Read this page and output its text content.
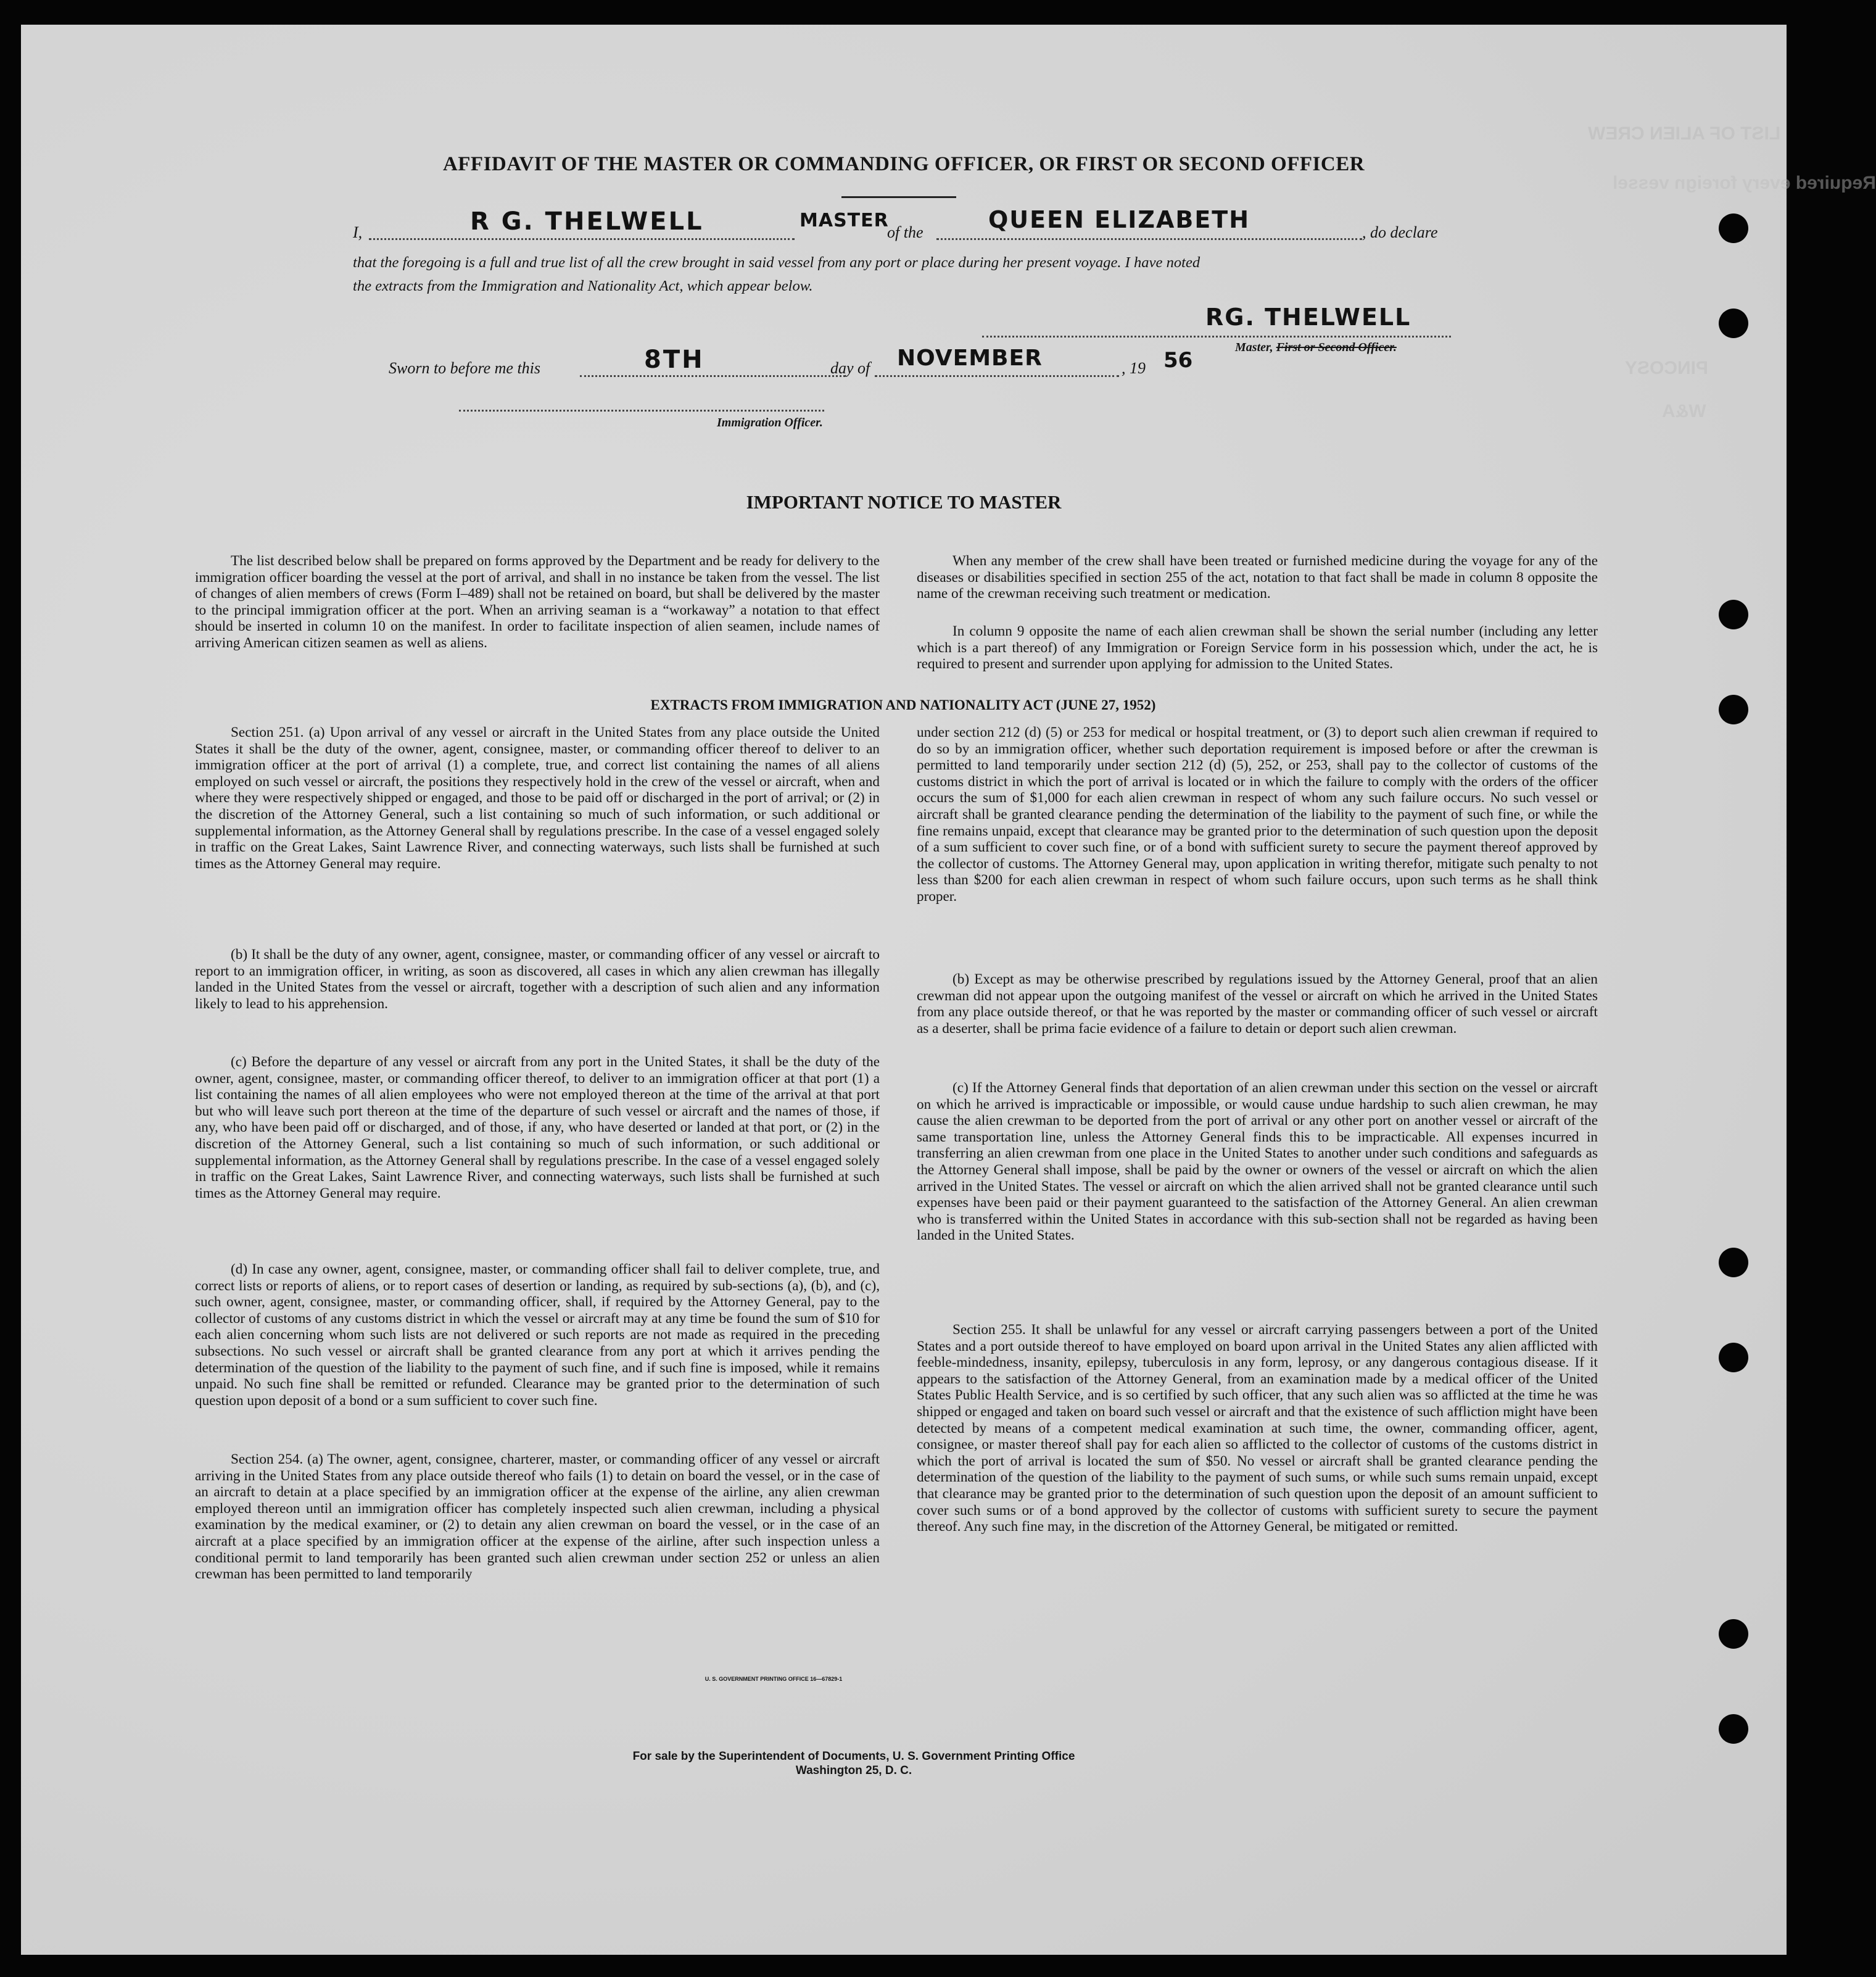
LIST OF ALIEN CREW
Required every foreign vessel
PINCOSY
W&A
AFFIDAVIT OF THE MASTER OR COMMANDING OFFICER, OR FIRST OR SECOND OFFICER
I,	R G. THELWELL	MASTER
of the	QUEEN ELIZABETH	, do declare
that the foregoing is a full and true list of all the crew brought in said vessel from any port or place during her present voyage. I have noted
the extracts from the Immigration and Nationality Act, which appear below.
RG. THELWELL
Master, First or Second Officer.
Sworn to before me this	8TH	day of NOVEMBER	, 19 56
Immigration Officer.
IMPORTANT NOTICE TO MASTER

The list described below shall be prepared on forms approved by the Department and be ready for delivery to the immigration officer boarding the vessel at the port of arrival, and shall in no instance be taken from the vessel. The list of changes of alien members of crews (Form I–489) shall not be retained on board, but shall be delivered by the master to the principal immigration officer at the port. When an arriving seaman is a “workaway” a notation to that effect should be inserted in column 10 on the manifest. In order to facilitate inspection of alien seamen, include names of arriving American citizen seamen as well as aliens.

When any member of the crew shall have been treated or furnished medicine during the voyage for any of the diseases or disabilities specified in section 255 of the act, notation to that fact shall be made in column 8 opposite the name of the crewman receiving such treatment or medication.

In column 9 opposite the name of each alien crewman shall be shown the serial number (including any letter which is a part thereof) of any Immigration or Foreign Service form in his possession which, under the act, he is required to present and surrender upon applying for admission to the United States.

EXTRACTS FROM IMMIGRATION AND NATIONALITY ACT (JUNE 27, 1952)

Section 251. (a) Upon arrival of any vessel or aircraft in the United States from any place outside the United States it shall be the duty of the owner, agent, consignee, master, or commanding officer thereof to deliver to an immigration officer at the port of arrival (1) a complete, true, and correct list containing the names of all aliens employed on such vessel or aircraft, the positions they respectively hold in the crew of the vessel or aircraft, when and where they were respectively shipped or engaged, and those to be paid off or discharged in the port of arrival; or (2) in the discretion of the Attorney General, such a list containing so much of such information, or such additional or supplemental information, as the Attorney General shall by regulations prescribe. In the case of a vessel engaged solely in traffic on the Great Lakes, Saint Lawrence River, and connecting waterways, such lists shall be furnished at such times as the Attorney General may require.

(b) It shall be the duty of any owner, agent, consignee, master, or commanding officer of any vessel or aircraft to report to an immigration officer, in writing, as soon as discovered, all cases in which any alien crewman has illegally landed in the United States from the vessel or aircraft, together with a description of such alien and any information likely to lead to his apprehension.

(c) Before the departure of any vessel or aircraft from any port in the United States, it shall be the duty of the owner, agent, consignee, master, or commanding officer thereof, to deliver to an immigration officer at that port (1) a list containing the names of all alien employees who were not employed thereon at the time of the arrival at that port but who will leave such port thereon at the time of the departure of such vessel or aircraft and the names of those, if any, who have been paid off or discharged, and of those, if any, who have deserted or landed at that port, or (2) in the discretion of the Attorney General, such a list containing so much of such information, or such additional or supplemental information, as the Attorney General shall by regulations prescribe. In the case of a vessel engaged solely in traffic on the Great Lakes, Saint Lawrence River, and connecting waterways, such lists shall be furnished at such times as the Attorney General may require.

(d) In case any owner, agent, consignee, master, or commanding officer shall fail to deliver complete, true, and correct lists or reports of aliens, or to report cases of desertion or landing, as required by sub-sections (a), (b), and (c), such owner, agent, consignee, master, or commanding officer, shall, if required by the Attorney General, pay to the collector of customs of any customs district in which the vessel or aircraft may at any time be found the sum of $10 for each alien concerning whom such lists are not delivered or such reports are not made as required in the preceding subsections. No such vessel or aircraft shall be granted clearance from any port at which it arrives pending the determination of the question of the liability to the payment of such fine, and if such fine is imposed, while it remains unpaid. No such fine shall be remitted or refunded. Clearance may be granted prior to the determination of such question upon deposit of a bond or a sum sufficient to cover such fine.

Section 254. (a) The owner, agent, consignee, charterer, master, or commanding officer of any vessel or aircraft arriving in the United States from any place outside thereof who fails (1) to detain on board the vessel, or in the case of an aircraft to detain at a place specified by an immigration officer at the expense of the airline, any alien crewman employed thereon until an immigration officer has completely inspected such alien crewman, including a physical examination by the medical examiner, or (2) to detain any alien crewman on board the vessel, or in the case of an aircraft at a place specified by an immigration officer at the expense of the airline, after such inspection unless a conditional permit to land temporarily has been granted such alien crewman under section 252 or unless an alien crewman has been permitted to land temporarily

under section 212 (d) (5) or 253 for medical or hospital treatment, or (3) to deport such alien crewman if required to do so by an immigration officer, whether such deportation requirement is imposed before or after the crewman is permitted to land temporarily under section 212 (d) (5), 252, or 253, shall pay to the collector of customs of the customs district in which the port of arrival is located or in which the failure to comply with the orders of the officer occurs the sum of $1,000 for each alien crewman in respect of whom any such failure occurs. No such vessel or aircraft shall be granted clearance pending the determination of the liability to the payment of such fine, or while the fine remains unpaid, except that clearance may be granted prior to the determination of such question upon the deposit of a sum sufficient to cover such fine, or of a bond with sufficient surety to secure the payment thereof approved by the collector of customs. The Attorney General may, upon application in writing therefor, mitigate such penalty to not less than $200 for each alien crewman in respect of whom such failure occurs, upon such terms as he shall think proper.

(b) Except as may be otherwise prescribed by regulations issued by the Attorney General, proof that an alien crewman did not appear upon the outgoing manifest of the vessel or aircraft on which he arrived in the United States from any place outside thereof, or that he was reported by the master or commanding officer of such vessel or aircraft as a deserter, shall be prima facie evidence of a failure to detain or deport such alien crewman.

(c) If the Attorney General finds that deportation of an alien crewman under this section on the vessel or aircraft on which he arrived is impracticable or impossible, or would cause undue hardship to such alien crewman, he may cause the alien crewman to be deported from the port of arrival or any other port on another vessel or aircraft of the same transportation line, unless the Attorney General finds this to be impracticable. All expenses incurred in transferring an alien crewman from one place in the United States to another under such conditions and safeguards as the Attorney General shall impose, shall be paid by the owner or owners of the vessel or aircraft on which the alien arrived in the United States. The vessel or aircraft on which the alien arrived shall not be granted clearance until such expenses have been paid or their payment guaranteed to the satisfaction of the Attorney General. An alien crewman who is transferred within the United States in accordance with this sub-section shall not be regarded as having been landed in the United States.

Section 255. It shall be unlawful for any vessel or aircraft carrying passengers between a port of the United States and a port outside thereof to have employed on board upon arrival in the United States any alien afflicted with feeble-mindedness, insanity, epilepsy, tuberculosis in any form, leprosy, or any dangerous contagious disease. If it appears to the satisfaction of the Attorney General, from an examination made by a medical officer of the United States Public Health Service, and is so certified by such officer, that any such alien was so afflicted at the time he was shipped or engaged and taken on board such vessel or aircraft and that the existence of such affliction might have been detected by means of a competent medical examination at such time, the owner, commanding officer, agent, consignee, or master thereof shall pay for each alien so afflicted to the collector of customs of the customs district in which the port of arrival is located the sum of $50. No vessel or aircraft shall be granted clearance pending the determination of the question of the liability to the payment of such sums, or while such sums remain unpaid, except that clearance may be granted prior to the determination of such question upon the deposit of an amount sufficient to cover such sums or of a bond approved by the collector of customs with sufficient surety to secure the payment thereof. Any such fine may, in the discretion of the Attorney General, be mitigated or remitted.

U. S. GOVERNMENT PRINTING OFFICE 16—67829-1
For sale by the Superintendent of Documents, U. S. Government Printing Office
Washington 25, D. C.
